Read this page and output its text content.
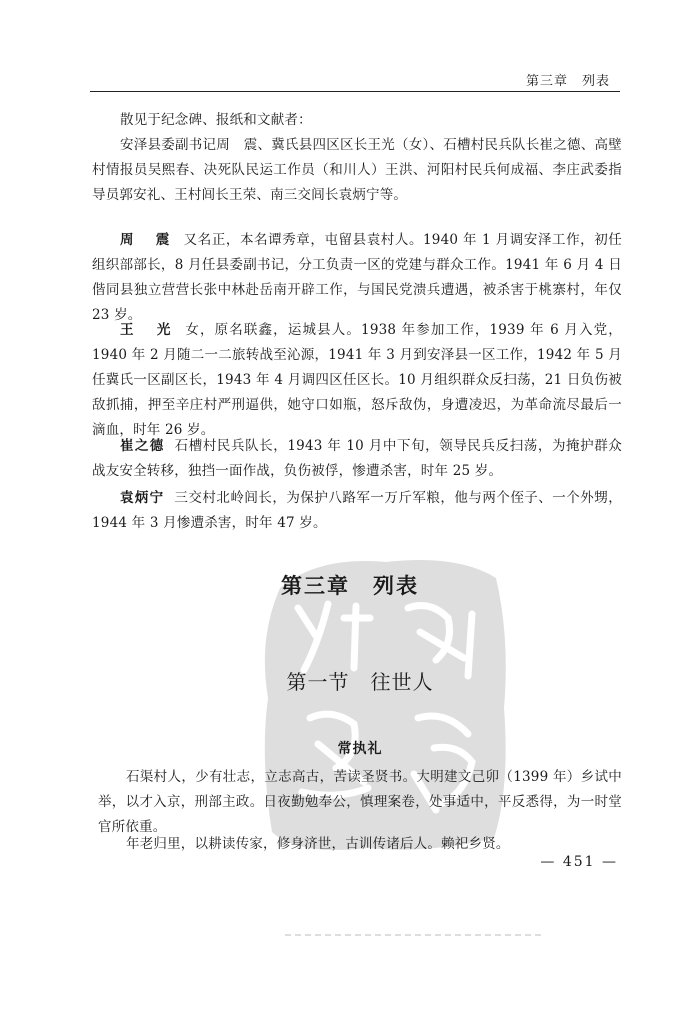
第三章　列表

散见于纪念碑、报纸和文献者：

安泽县委副书记周　震、冀氏县四区区长王光（女）、石槽村民兵队长崔之德、高壁村情报员吴熙春、决死队民运工作员（和川人）王洪、河阳村民兵何成福、李庄武委指导员郭安礼、王村闾长王荣、南三交闾长袁炳宁等。

周　震 又名正，本名谭秀章，屯留县袁村人。1940 年 1 月调安泽工作，初任组织部部长，8 月任县委副书记，分工负责一区的党建与群众工作。1941 年 6 月 4 日偕同县独立营营长张中林赴岳南开辟工作，与国民党溃兵遭遇，被杀害于桃寨村，年仅 23 岁。

王　光 女，原名联鑫，运城县人。1938 年参加工作，1939 年 6 月入党，1940 年 2 月随二一二旅转战至沁源，1941 年 3 月到安泽县一区工作，1942 年 5 月任冀氏一区副区长，1943 年 4 月调四区任区长。10 月组织群众反扫荡，21 日负伤被敌抓捕，押至辛庄村严刑逼供，她守口如瓶，怒斥敌伪，身遭凌迟，为革命流尽最后一滴血，时年 26 岁。

崔之德 石槽村民兵队长，1943 年 10 月中下旬，领导民兵反扫荡，为掩护群众战友安全转移，独挡一面作战，负伤被俘，惨遭杀害，时年 25 岁。

袁炳宁 三交村北岭闾长，为保护八路军一万斤军粮，他与两个侄子、一个外甥，1944 年 3 月惨遭杀害，时年 47 岁。

第三章　列表
第一节　往世人
常执礼

石渠村人，少有壮志，立志高古，苦读圣贤书。大明建文己卯（1399 年）乡试中举，以才入京，刑部主政。日夜勤勉奉公，慎理案卷，处事适中，平反悉得，为一时堂官所依重。

年老归里，以耕读传家，修身济世，古训传诸后人。赖祀乡贤。

— 451 —
